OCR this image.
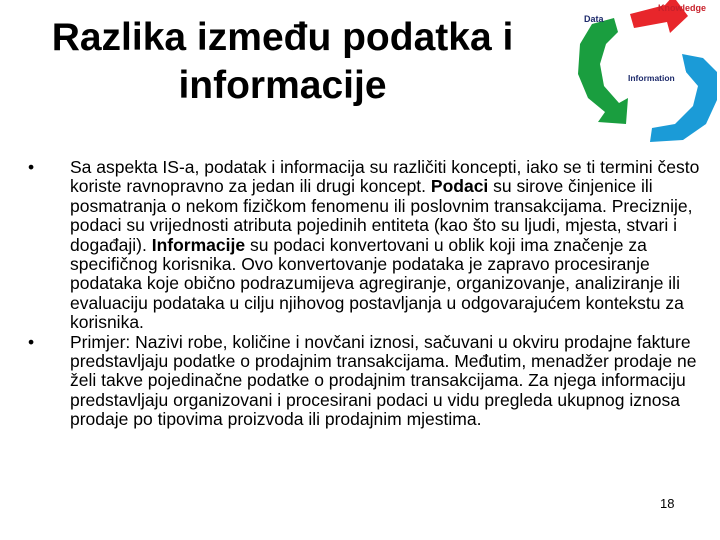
Razlika između podatka i
informacije
Data
Knowledge
Information
•	Sa aspekta IS-a, podatak i informacija su različiti koncepti, iako se ti termini često koriste ravnopravno za jedan ili drugi koncept. Podaci su sirove činjenice ili posmatranja o nekom fizičkom fenomenu ili poslovnim transakcijama. Preciznije, podaci su vrijednosti atributa pojedinih entiteta (kao što su ljudi, mjesta, stvari i događaji). Informacije su podaci konvertovani u oblik koji ima značenje za specifičnog korisnika. Ovo konvertovanje podataka je zapravo procesiranje podataka koje obično podrazumijeva agregiranje, organizovanje, analiziranje ili evaluaciju podataka u cilju njihovog postavljanja u odgovarajućem kontekstu za korisnika.
•	Primjer: Nazivi robe, količine i novčani iznosi, sačuvani u okviru prodajne fakture predstavljaju podatke o prodajnim transakcijama. Međutim, menadžer prodaje ne želi takve pojedinačne podatke o prodajnim transakcijama. Za njega informaciju predstavljaju organizovani i procesirani podaci u vidu pregleda ukupnog iznosa prodaje po tipovima proizvoda ili prodajnim mjestima.
18
